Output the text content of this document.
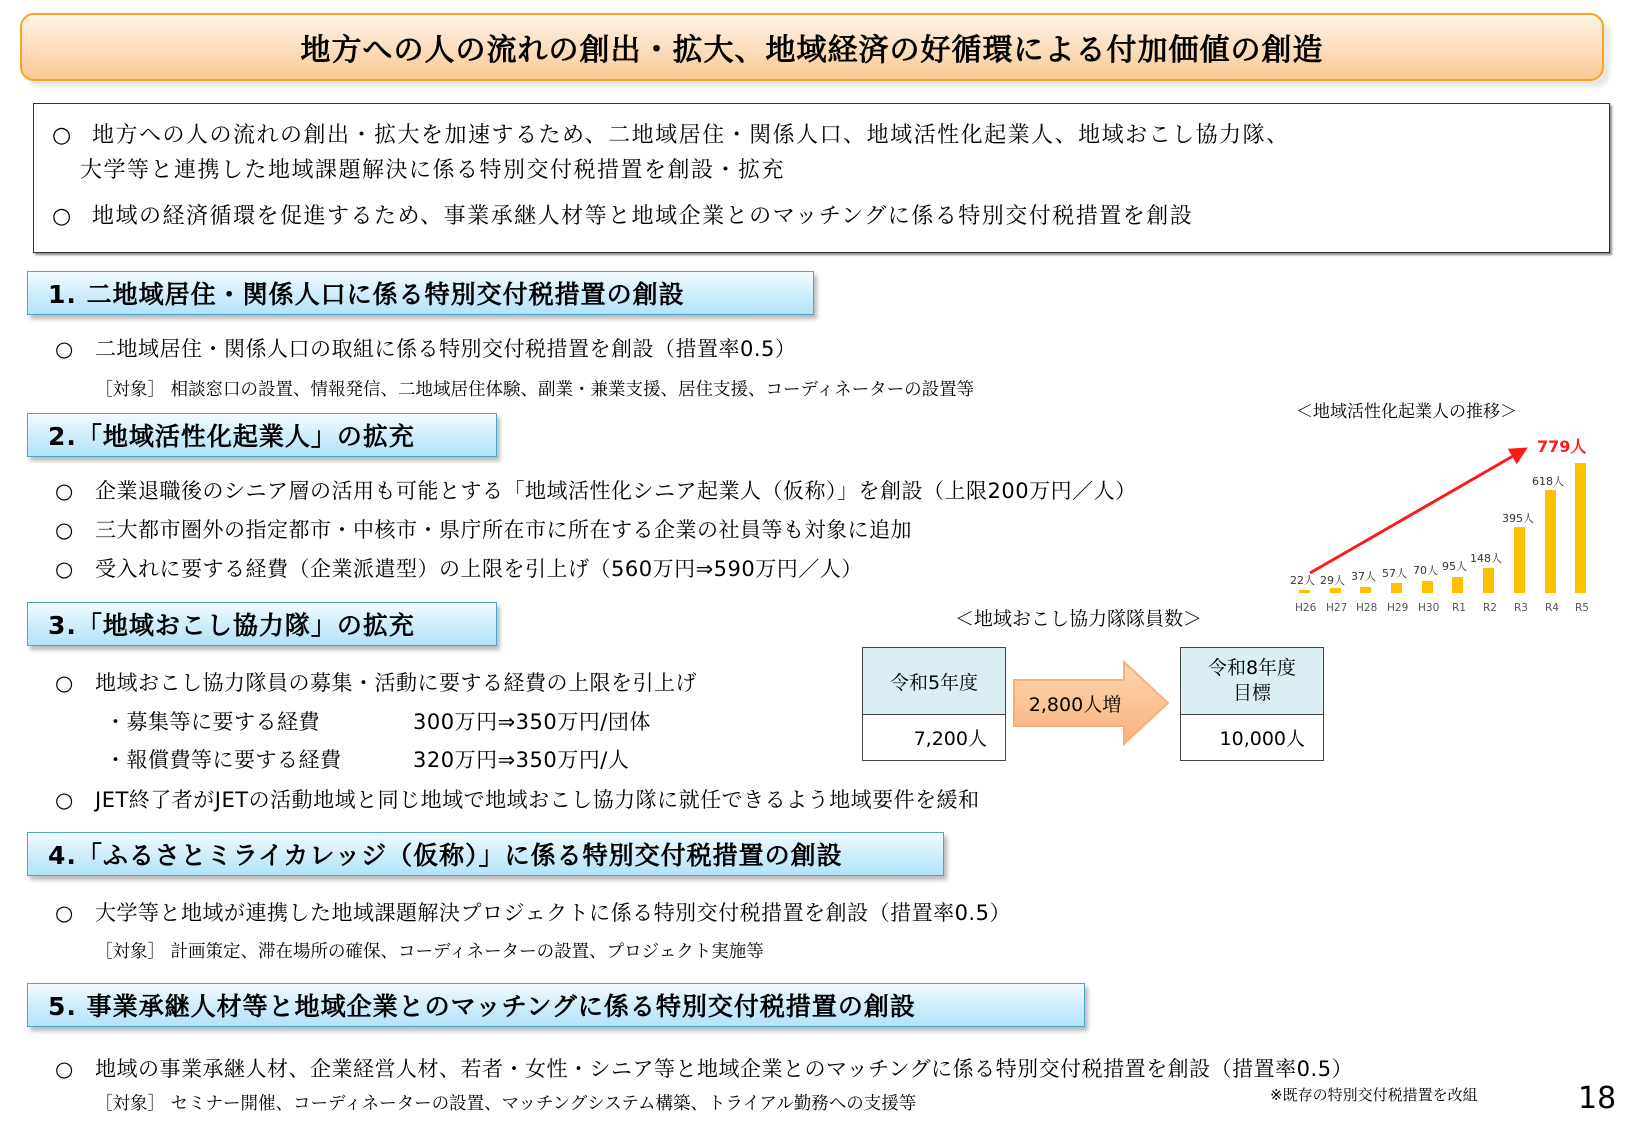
地方への人の流れの創出・拡大、地域経済の好循環による付加価値の創造
○ 地方への人の流れの創出・拡大を加速するため、二地域居住・関係人口、地域活性化起業人、地域おこし協力隊、
大学等と連携した地域課題解決に係る特別交付税措置を創設・拡充
○ 地域の経済循環を促進するため、事業承継人材等と地域企業とのマッチングに係る特別交付税措置を創設
1. 二地域居住・関係人口に係る特別交付税措置の創設
○ 二地域居住・関係人口の取組に係る特別交付税措置を創設（措置率0.5）
［対象］ 相談窓口の設置、情報発信、二地域居住体験、副業・兼業支援、居住支援、コーディネーターの設置等
2.「地域活性化起業人」の拡充
○ 企業退職後のシニア層の活用も可能とする「地域活性化シニア起業人（仮称）」を創設（上限200万円／人）
○ 三大都市圏外の指定都市・中核市・県庁所在市に所在する企業の社員等も対象に追加
○ 受入れに要する経費（企業派遣型）の上限を引上げ（560万円⇒590万円／人）
＜地域活性化起業人の推移＞
22人 29人 37人 57人 70人 95人
148人
395人
618人
779人
H26 H27 H28 H29 H30 R1 R2 R3 R4 R5
3.「地域おこし協力隊」の拡充
○ 地域おこし協力隊員の募集・活動に要する経費の上限を引上げ
・募集等に要する経費	300万円⇒350万円/団体
・報償費等に要する経費	320万円⇒350万円/人
○ JET終了者がJETの活動地域と同じ地域で地域おこし協力隊に就任できるよう地域要件を緩和
＜地域おこし協力隊隊員数＞
令和5年度
7,200人
2,800人増
令和8年度
目標
10,000人
4.「ふるさとミライカレッジ（仮称）」に係る特別交付税措置の創設
○ 大学等と地域が連携した地域課題解決プロジェクトに係る特別交付税措置を創設（措置率0.5）
［対象］ 計画策定、滞在場所の確保、コーディネーターの設置、プロジェクト実施等
5. 事業承継人材等と地域企業とのマッチングに係る特別交付税措置の創設
○ 地域の事業承継人材、企業経営人材、若者・女性・シニア等と地域企業とのマッチングに係る特別交付税措置を創設（措置率0.5）
［対象］ セミナー開催、コーディネーターの設置、マッチングシステム構築、トライアル勤務への支援等	※既存の特別交付税措置を改組	18
